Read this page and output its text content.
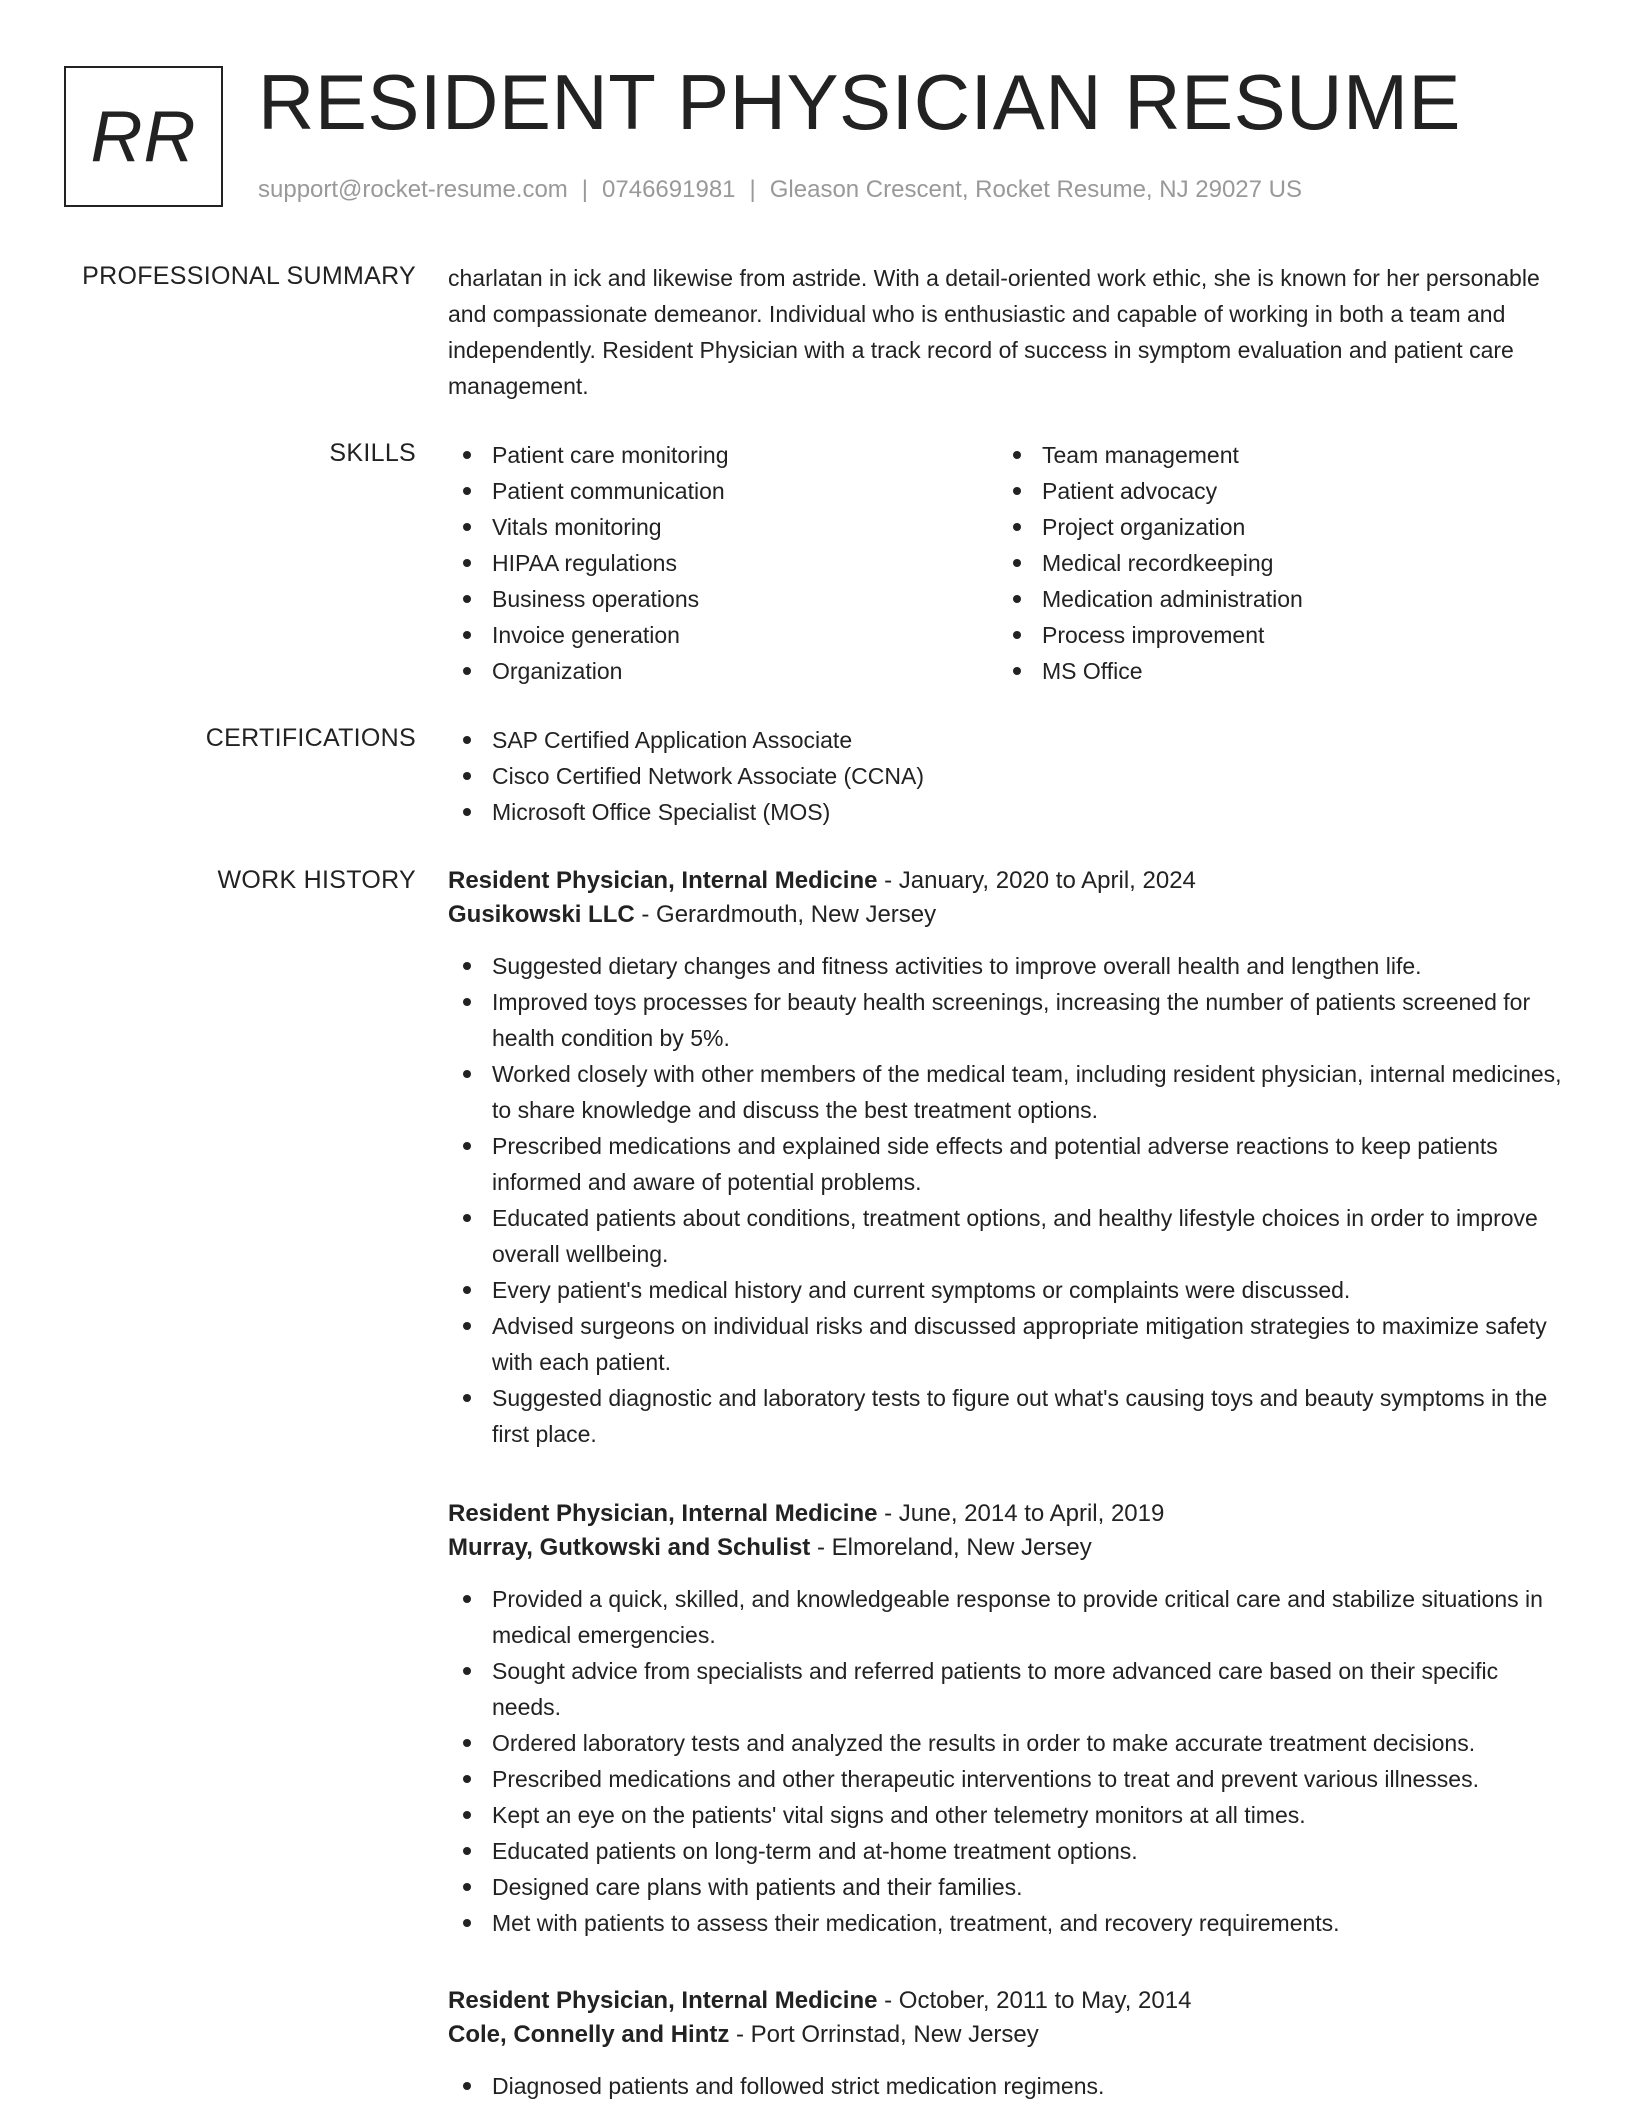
RR RESIDENT PHYSICIAN RESUME
support@rocket-resume.com | 0746691981 | Gleason Crescent, Rocket Resume, NJ 29027 US
PROFESSIONAL SUMMARY charlatan in ick and likewise from astride. With a detail-oriented work ethic, she is known for her personable and compassionate demeanor. Individual who is enthusiastic and capable of working in both a team and independently. Resident Physician with a track record of success in symptom evaluation and patient care management.

SKILLS	Patient care monitoring
Patient communication
Vitals monitoring
HIPAA regulations
Business operations
Invoice generation
Organization
Team management
Patient advocacy
Project organization
Medical recordkeeping
Medication administration
Process improvement
MS Office
CERTIFICATIONS	SAP Certified Application Associate
Cisco Certified Network Associate (CCNA)
Microsoft Office Specialist (MOS)
WORK HISTORY Resident Physician, Internal Medicine - January, 2020 to April, 2024
Gusikowski LLC - Gerardmouth, New Jersey
Suggested dietary changes and fitness activities to improve overall health and lengthen life.
Improved toys processes for beauty health screenings, increasing the number of patients screened for health condition by 5%.
Worked closely with other members of the medical team, including resident physician, internal medicines, to share knowledge and discuss the best treatment options.
Prescribed medications and explained side effects and potential adverse reactions to keep patients informed and aware of potential problems.
Educated patients about conditions, treatment options, and healthy lifestyle choices in order to improve overall wellbeing.
Every patient's medical history and current symptoms or complaints were discussed.
Advised surgeons on individual risks and discussed appropriate mitigation strategies to maximize safety with each patient.
Suggested diagnostic and laboratory tests to figure out what's causing toys and beauty symptoms in the first place.
Resident Physician, Internal Medicine - June, 2014 to April, 2019
Murray, Gutkowski and Schulist - Elmoreland, New Jersey
Provided a quick, skilled, and knowledgeable response to provide critical care and stabilize situations in medical emergencies.
Sought advice from specialists and referred patients to more advanced care based on their specific needs.
Ordered laboratory tests and analyzed the results in order to make accurate treatment decisions.
Prescribed medications and other therapeutic interventions to treat and prevent various illnesses.
Kept an eye on the patients' vital signs and other telemetry monitors at all times.
Educated patients on long-term and at-home treatment options.
Designed care plans with patients and their families.
Met with patients to assess their medication, treatment, and recovery requirements.
Resident Physician, Internal Medicine - October, 2011 to May, 2014
Cole, Connelly and Hintz - Port Orrinstad, New Jersey
Diagnosed patients and followed strict medication regimens.
